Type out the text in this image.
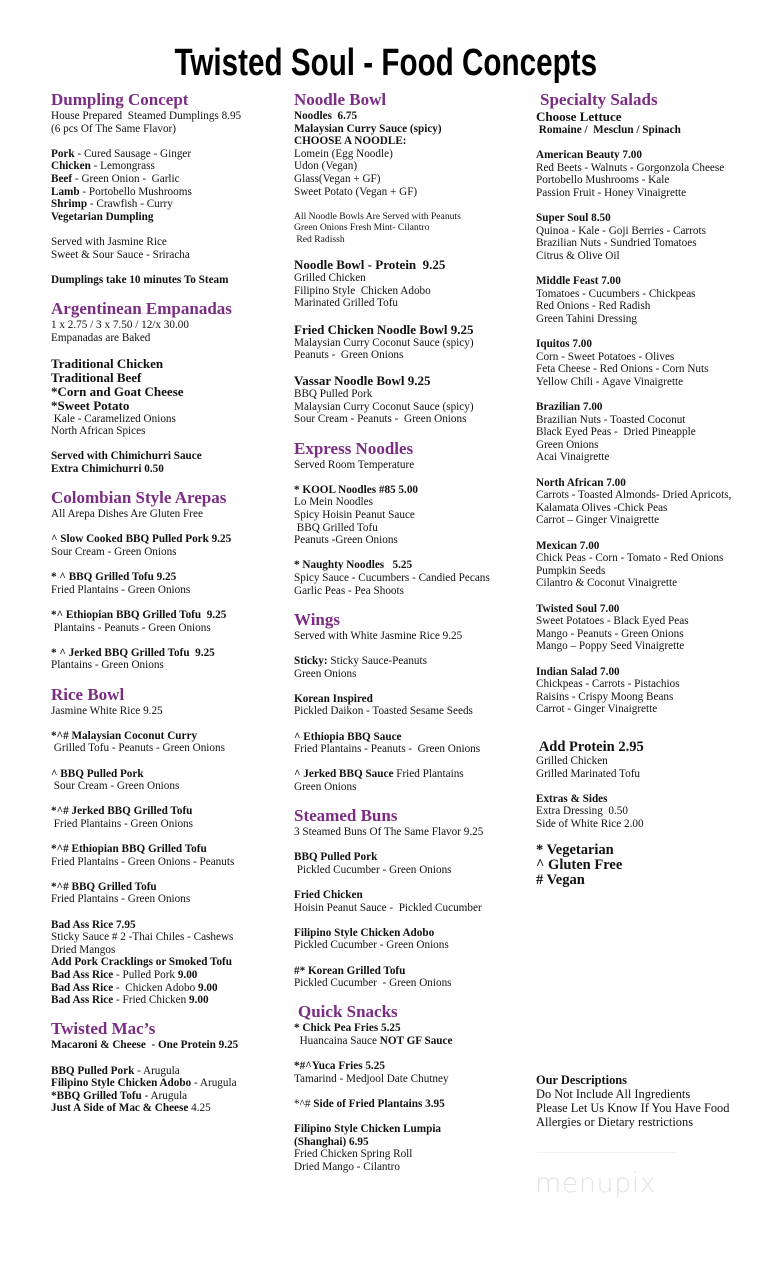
Twisted Soul - Food Concepts
Dumpling Concept
House Prepared  Steamed Dumplings 8.95
(6 pcs Of The Same Flavor)
Pork - Cured Sausage - Ginger
Chicken - Lemongrass
Beef - Green Onion -  Garlic
Lamb - Portobello Mushrooms
Shrimp - Crawfish - Curry
Vegetarian Dumpling
Served with Jasmine Rice
Sweet & Sour Sauce - Sriracha
Dumplings take 10 minutes To Steam
Argentinean Empanadas
1 x 2.75 / 3 x 7.50 / 12/x 30.00
Empanadas are Baked
Traditional Chicken
Traditional Beef
*Corn and Goat Cheese
*Sweet Potato
Kale - Caramelized Onions
North African Spices
Served with Chimichurri Sauce
Extra Chimichurri 0.50
Colombian Style Arepas
All Arepa Dishes Are Gluten Free
^ Slow Cooked BBQ Pulled Pork 9.25
Sour Cream - Green Onions
* ^ BBQ Grilled Tofu 9.25
Fried Plantains - Green Onions
*^ Ethiopian BBQ Grilled Tofu  9.25
Plantains - Peanuts - Green Onions
* ^ Jerked BBQ Grilled Tofu  9.25
Plantains - Green Onions
Rice Bowl
Jasmine White Rice 9.25
*^# Malaysian Coconut Curry
Grilled Tofu - Peanuts - Green Onions
^ BBQ Pulled Pork
Sour Cream - Green Onions
*^# Jerked BBQ Grilled Tofu
Fried Plantains - Green Onions
*^# Ethiopian BBQ Grilled Tofu
Fried Plantains - Green Onions - Peanuts
*^# BBQ Grilled Tofu
Fried Plantains - Green Onions
Bad Ass Rice 7.95
Sticky Sauce # 2 -Thai Chiles - Cashews
Dried Mangos
Add Pork Cracklings or Smoked Tofu
Bad Ass Rice - Pulled Pork 9.00
Bad Ass Rice -  Chicken Adobo 9.00
Bad Ass Rice - Fried Chicken 9.00
Twisted Mac’s
Macaroni & Cheese  - One Protein 9.25
BBQ Pulled Pork - Arugula
Filipino Style Chicken Adobo - Arugula
*BBQ Grilled Tofu - Arugula
Just A Side of Mac & Cheese 4.25
Noodle Bowl
Noodles  6.75
Malaysian Curry Sauce (spicy)
CHOOSE A NOODLE:
Lomein (Egg Noodle)
Udon (Vegan)
Glass(Vegan + GF)
Sweet Potato (Vegan + GF)
All Noodle Bowls Are Served with Peanuts
Green Onions Fresh Mint- Cilantro
Red Radissh
Noodle Bowl - Protein  9.25
Grilled Chicken
Filipino Style  Chicken Adobo
Marinated Grilled Tofu
Fried Chicken Noodle Bowl 9.25
Malaysian Curry Coconut Sauce (spicy)
Peanuts -  Green Onions
Vassar Noodle Bowl 9.25
BBQ Pulled Pork
Malaysian Curry Coconut Sauce (spicy)
Sour Cream - Peanuts -  Green Onions
Express Noodles
Served Room Temperature
* KOOL Noodles #85 5.00
Lo Mein Noodles
Spicy Hoisin Peanut Sauce
BBQ Grilled Tofu
Peanuts -Green Onions
* Naughty Noodles   5.25
Spicy Sauce - Cucumbers - Candied Pecans
Garlic Peas - Pea Shoots
Wings
Served with White Jasmine Rice 9.25
Sticky: Sticky Sauce-Peanuts
Green Onions
Korean Inspired
Pickled Daikon - Toasted Sesame Seeds
^ Ethiopia BBQ Sauce
Fried Plantains - Peanuts -  Green Onions
^ Jerked BBQ Sauce Fried Plantains
Green Onions
Steamed Buns
3 Steamed Buns Of The Same Flavor 9.25
BBQ Pulled Pork
Pickled Cucumber - Green Onions
Fried Chicken
Hoisin Peanut Sauce -  Pickled Cucumber
Filipino Style Chicken Adobo
Pickled Cucumber - Green Onions
#* Korean Grilled Tofu
Pickled Cucumber  - Green Onions
Quick Snacks
* Chick Pea Fries 5.25
Huancaina Sauce NOT GF Sauce
*#^Yuca Fries 5.25
Tamarind - Medjool Date Chutney
*^# Side of Fried Plantains 3.95
Filipino Style Chicken Lumpia
(Shanghai) 6.95
Fried Chicken Spring Roll
Dried Mango - Cilantro
Specialty Salads
Choose Lettuce
Romaine /  Mesclun / Spinach
American Beauty 7.00
Red Beets - Walnuts - Gorgonzola Cheese
Portobello Mushrooms - Kale
Passion Fruit - Honey Vinaigrette
Super Soul 8.50
Quinoa - Kale - Goji Berries - Carrots
Brazilian Nuts - Sundried Tomatoes
Citrus & Olive Oil
Middle Feast 7.00
Tomatoes - Cucumbers - Chickpeas
Red Onions - Red Radish
Green Tahini Dressing
Iquitos 7.00
Corn - Sweet Potatoes - Olives
Feta Cheese - Red Onions - Corn Nuts
Yellow Chili - Agave Vinaigrette
Brazilian 7.00
Brazilian Nuts - Toasted Coconut
Black Eyed Peas -  Dried Pineapple
Green Onions
Acai Vinaigrette
North African 7.00
Carrots - Toasted Almonds- Dried Apricots,
Kalamata Olives -Chick Peas
Carrot – Ginger Vinaigrette
Mexican 7.00
Chick Peas - Corn - Tomato - Red Onions
Pumpkin Seeds
Cilantro & Coconut Vinaigrette
Twisted Soul 7.00
Sweet Potatoes - Black Eyed Peas
Mango - Peanuts - Green Onions
Mango – Poppy Seed Vinaigrette
Indian Salad 7.00
Chickpeas - Carrots - Pistachios
Raisins - Crispy Moong Beans
Carrot - Ginger Vinaigrette
Add Protein 2.95
Grilled Chicken
Grilled Marinated Tofu
Extras & Sides
Extra Dressing  0.50
Side of White Rice 2.00
* Vegetarian
^ Gluten Free
# Vegan
Our Descriptions
Do Not Include All Ingredients
Please Let Us Know If You Have Food
Allergies or Dietary restrictions
menupix
